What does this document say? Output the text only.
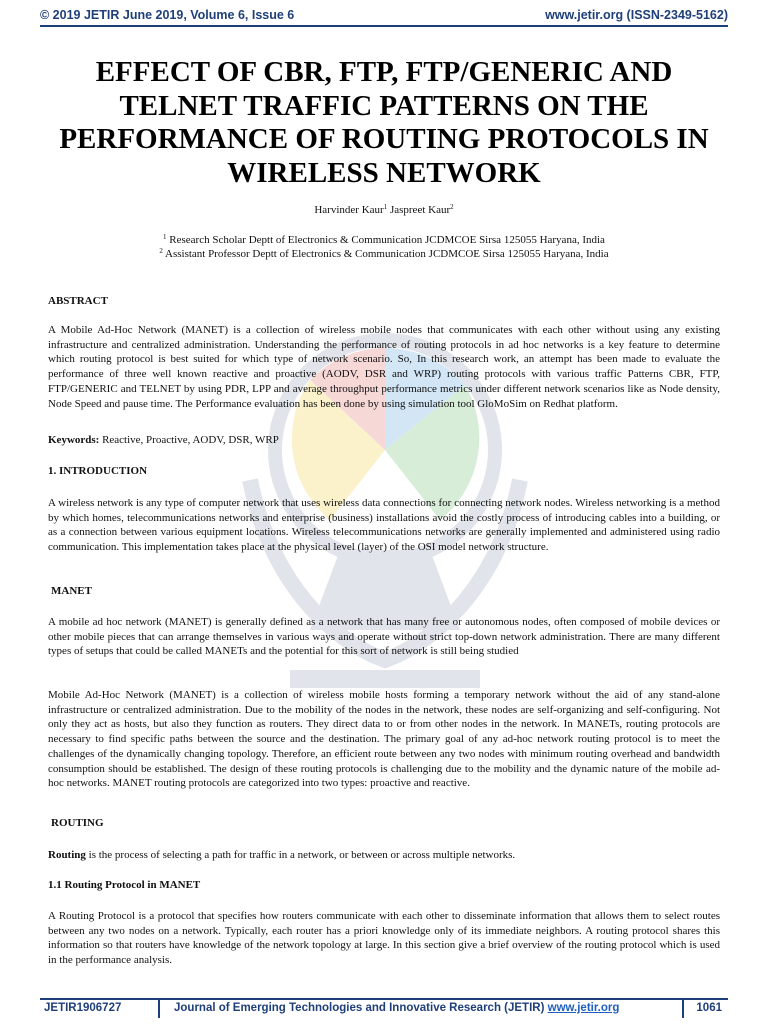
© 2019 JETIR June 2019, Volume 6, Issue 6	www.jetir.org (ISSN-2349-5162)
EFFECT OF CBR, FTP, FTP/GENERIC AND TELNET TRAFFIC PATTERNS ON THE PERFORMANCE OF ROUTING PROTOCOLS IN WIRELESS NETWORK
Harvinder Kaur$^1$ Jaspreet Kaur$^2$
$^1$ Research Scholar Deptt of Electronics & Communication JCDMCOE Sirsa 125055 Haryana, India
$^2$ Assistant Professor Deptt of Electronics & Communication JCDMCOE Sirsa 125055 Haryana, India
ABSTRACT
A Mobile Ad-Hoc Network (MANET) is a collection of wireless mobile nodes that communicates with each other without using any existing infrastructure and centralized administration. Understanding the performance of routing protocols in ad hoc networks is a key feature to determine which routing protocol is best suited for which type of network scenario. So, In this research work, an attempt has been made to evaluate the performance of three well known reactive and proactive (AODV, DSR and WRP) routing protocols with various traffic Patterns CBR, FTP, FTP/GENERIC and TELNET by using PDR, LPP and average throughput performance metrics under different network scenarios like as Node density, Node Speed and pause time. The Performance evaluation has been done by using simulation tool GloMoSim on Redhat platform.
Keywords: Reactive, Proactive, AODV, DSR, WRP
1. INTRODUCTION
A wireless network is any type of computer network that uses wireless data connections for connecting network nodes. Wireless networking is a method by which homes, telecommunications networks and enterprise (business) installations avoid the costly process of introducing cables into a building, or as a connection between various equipment locations. Wireless telecommunications networks are generally implemented and administered using radio communication. This implementation takes place at the physical level (layer) of the OSI model network structure.
MANET
A mobile ad hoc network (MANET) is generally defined as a network that has many free or autonomous nodes, often composed of mobile devices or other mobile pieces that can arrange themselves in various ways and operate without strict top-down network administration. There are many different types of setups that could be called MANETs and the potential for this sort of network is still being studied
Mobile Ad-Hoc Network (MANET) is a collection of wireless mobile hosts forming a temporary network without the aid of any stand-alone infrastructure or centralized administration. Due to the mobility of the nodes in the network, these nodes are self-organizing and self-configuring. Not only they act as hosts, but also they function as routers. They direct data to or from other nodes in the network. In MANETs, routing protocols are necessary to find specific paths between the source and the destination. The primary goal of any ad-hoc network routing protocol is to meet the challenges of the dynamically changing topology. Therefore, an efficient route between any two nodes with minimum routing overhead and bandwidth consumption should be established. The design of these routing protocols is challenging due to the mobility and the dynamic nature of the mobile ad-hoc networks. MANET routing protocols are categorized into two types: proactive and reactive.
ROUTING
Routing is the process of selecting a path for traffic in a network, or between or across multiple networks.
1.1 Routing Protocol in MANET
A Routing Protocol is a protocol that specifies how routers communicate with each other to disseminate information that allows them to select routes between any two nodes on a network. Typically, each router has a priori knowledge only of its immediate neighbors. A routing protocol shares this information so that routers have knowledge of the network topology at large. In this section give a brief overview of the routing protocol which is used in the performance analysis.
JETIR1906727	Journal of Emerging Technologies and Innovative Research (JETIR) www.jetir.org	1061
